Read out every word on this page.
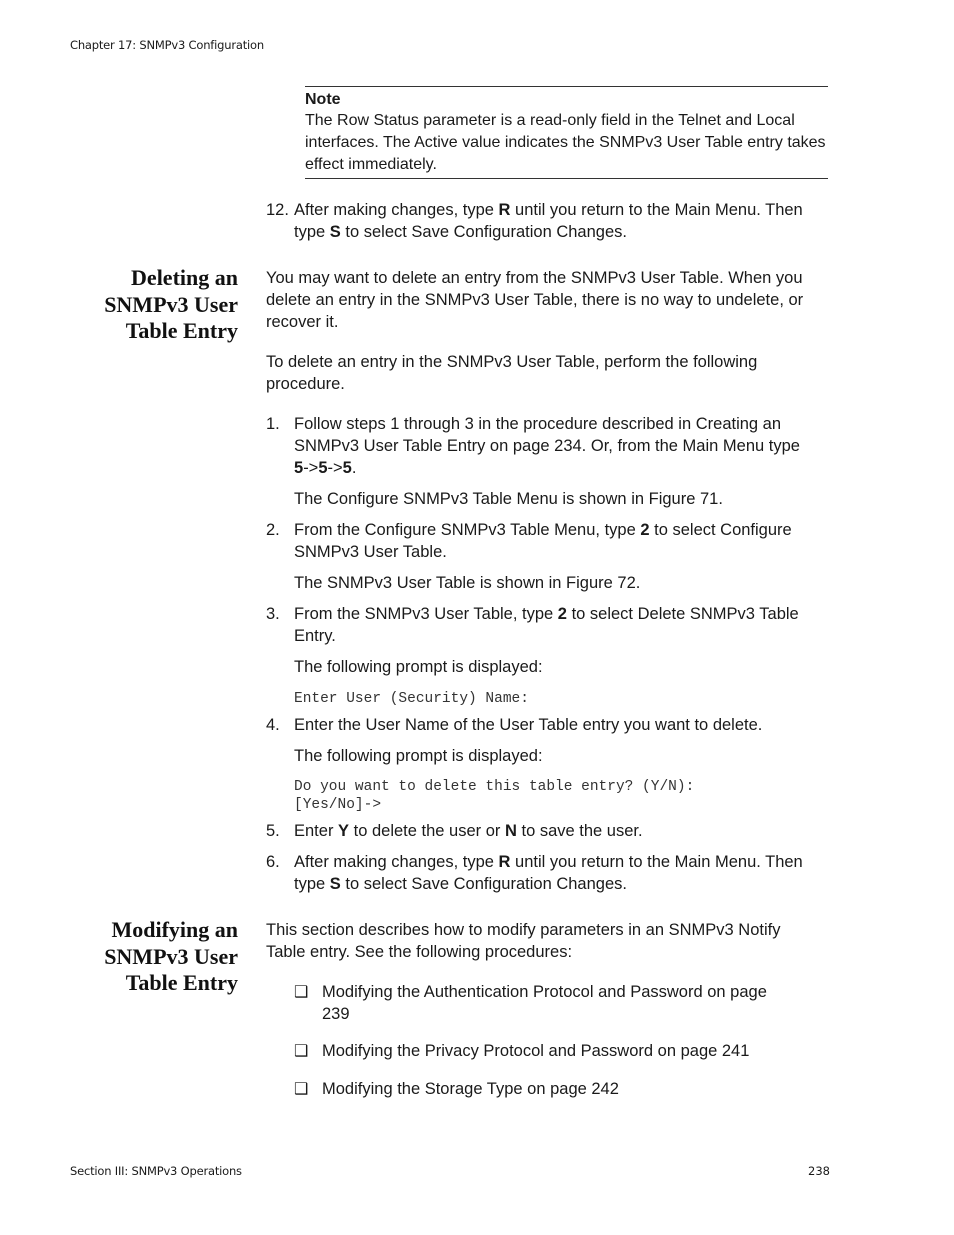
Chapter 17: SNMPv3 Configuration
Note
The Row Status parameter is a read-only field in the Telnet and Local interfaces. The Active value indicates the SNMPv3 User Table entry takes effect immediately.
12. After making changes, type R until you return to the Main Menu. Then
type S to select Save Configuration Changes.
Deleting an
SNMPv3 User
Table Entry
You may want to delete an entry from the SNMPv3 User Table. When you
delete an entry in the SNMPv3 User Table, there is no way to undelete, or
recover it.
To delete an entry in the SNMPv3 User Table, perform the following
procedure.
1. Follow steps 1 through 3 in the procedure described in Creating an
SNMPv3 User Table Entry on page 234. Or, from the Main Menu type
5->5->5.
The Configure SNMPv3 Table Menu is shown in Figure 71.
2. From the Configure SNMPv3 Table Menu, type 2 to select Configure
SNMPv3 User Table.
The SNMPv3 User Table is shown in Figure 72.
3. From the SNMPv3 User Table, type 2 to select Delete SNMPv3 Table
Entry.
The following prompt is displayed:
Enter User (Security) Name:
4. Enter the User Name of the User Table entry you want to delete.
The following prompt is displayed:
Do you want to delete this table entry? (Y/N):
[Yes/No]->
5. Enter Y to delete the user or N to save the user.
6. After making changes, type R until you return to the Main Menu. Then
type S to select Save Configuration Changes.
Modifying an
SNMPv3 User
Table Entry
This section describes how to modify parameters in an SNMPv3 Notify
Table entry. See the following procedures:
❑ Modifying the Authentication Protocol and Password on page
239
❑ Modifying the Privacy Protocol and Password on page 241
❑ Modifying the Storage Type on page 242
Section III: SNMPv3 Operations	238
